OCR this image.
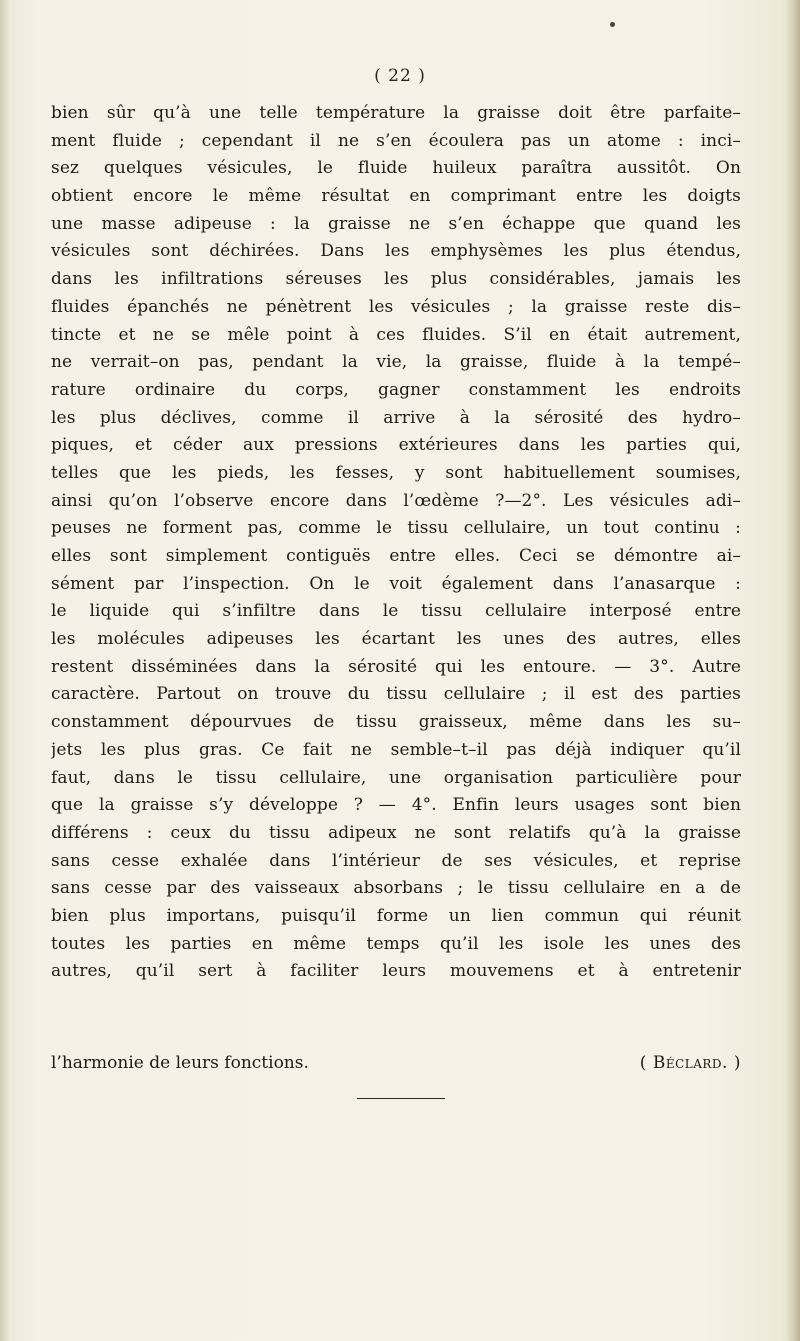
( 22 )
bien sûr qu’à une telle température la graisse doit être parfaite–
ment fluide ; cependant il ne s’en écoulera pas un atome : inci–
sez quelques vésicules, le fluide huileux paraîtra aussitôt. On
obtient encore le même résultat en comprimant entre les doigts
une masse adipeuse : la graisse ne s’en échappe que quand les
vésicules sont déchirées. Dans les emphysèmes les plus étendus,
dans les infiltrations séreuses les plus considérables, jamais les
fluides épanchés ne pénètrent les vésicules ; la graisse reste dis–
tincte et ne se mêle point à ces fluides. S’il en était autrement,
ne verrait–on pas, pendant la vie, la graisse, fluide à la tempé–
rature ordinaire du corps, gagner constamment les endroits
les plus déclives, comme il arrive à la sérosité des hydro–
piques, et céder aux pressions extérieures dans les parties qui,
telles que les pieds, les fesses, y sont habituellement soumises,
ainsi qu’on l’observe encore dans l’œdème ?—2°. Les vésicules adi–
peuses ne forment pas, comme le tissu cellulaire, un tout continu :
elles sont simplement contiguës entre elles. Ceci se démontre ai–
sément par l’inspection. On le voit également dans l’anasarque :
le liquide qui s’infiltre dans le tissu cellulaire interposé entre
les molécules adipeuses les écartant les unes des autres, elles
restent disséminées dans la sérosité qui les entoure. — 3°. Autre
caractère. Partout on trouve du tissu cellulaire ; il est des parties
constamment dépourvues de tissu graisseux, même dans les su–
jets les plus gras. Ce fait ne semble–t–il pas déjà indiquer qu’il
faut, dans le tissu cellulaire, une organisation particulière pour
que la graisse s’y développe ? — 4°. Enfin leurs usages sont bien
différens : ceux du tissu adipeux ne sont relatifs qu’à la graisse
sans cesse exhalée dans l’intérieur de ses vésicules, et reprise
sans cesse par des vaisseaux absorbans ; le tissu cellulaire en a de
bien plus importans, puisqu’il forme un lien commun qui réunit
toutes les parties en même temps qu’il les isole les unes des
autres, qu’il sert à faciliter leurs mouvemens et à entretenir
l’harmonie de leurs fonctions.	( Béclard. )
